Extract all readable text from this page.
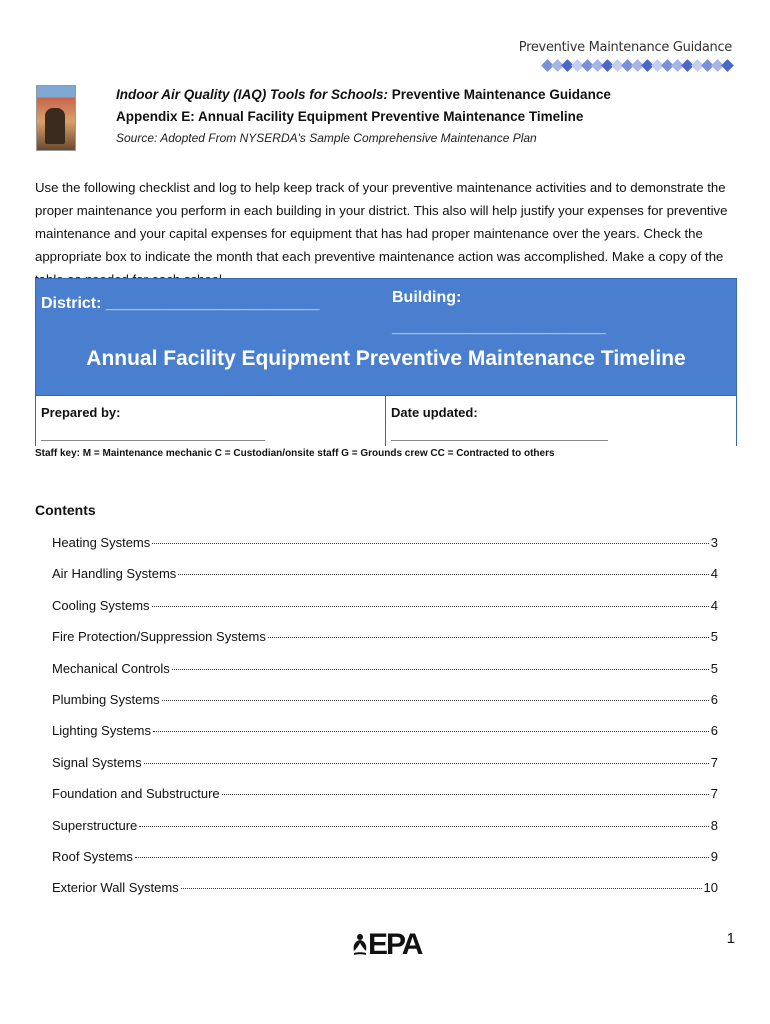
Preventive Maintenance Guidance
Indoor Air Quality (IAQ) Tools for Schools: Preventive Maintenance Guidance
Appendix E: Annual Facility Equipment Preventive Maintenance Timeline
Source: Adopted From NYSERDA's Sample Comprehensive Maintenance Plan
Use the following checklist and log to help keep track of your preventive maintenance activities and to demonstrate the proper maintenance you perform in each building in your district. This also will help justify your expenses for preventive maintenance and your capital expenses for equipment that has had proper maintenance over the years. Check the appropriate box to indicate the month that each preventive maintenance action was accomplished. Make a copy of the
District: ________________________	Building:
________________________
Annual Facility Equipment Preventive Maintenance Timeline
Prepared by:
_______________________________
Date updated:
______________________________
Staff key: M = Maintenance mechanic C = Custodian/onsite staff G = Grounds crew CC = Contracted to others
Contents
Heating Systems	3
Air Handling Systems	4
Cooling Systems	4
Fire Protection/Suppression Systems	5
Mechanical Controls	5
Plumbing Systems	6
Lighting Systems	6
Signal Systems	7
Foundation and Substructure	7
Superstructure	8
Roof Systems	9
Exterior Wall Systems	10
EPA	1
